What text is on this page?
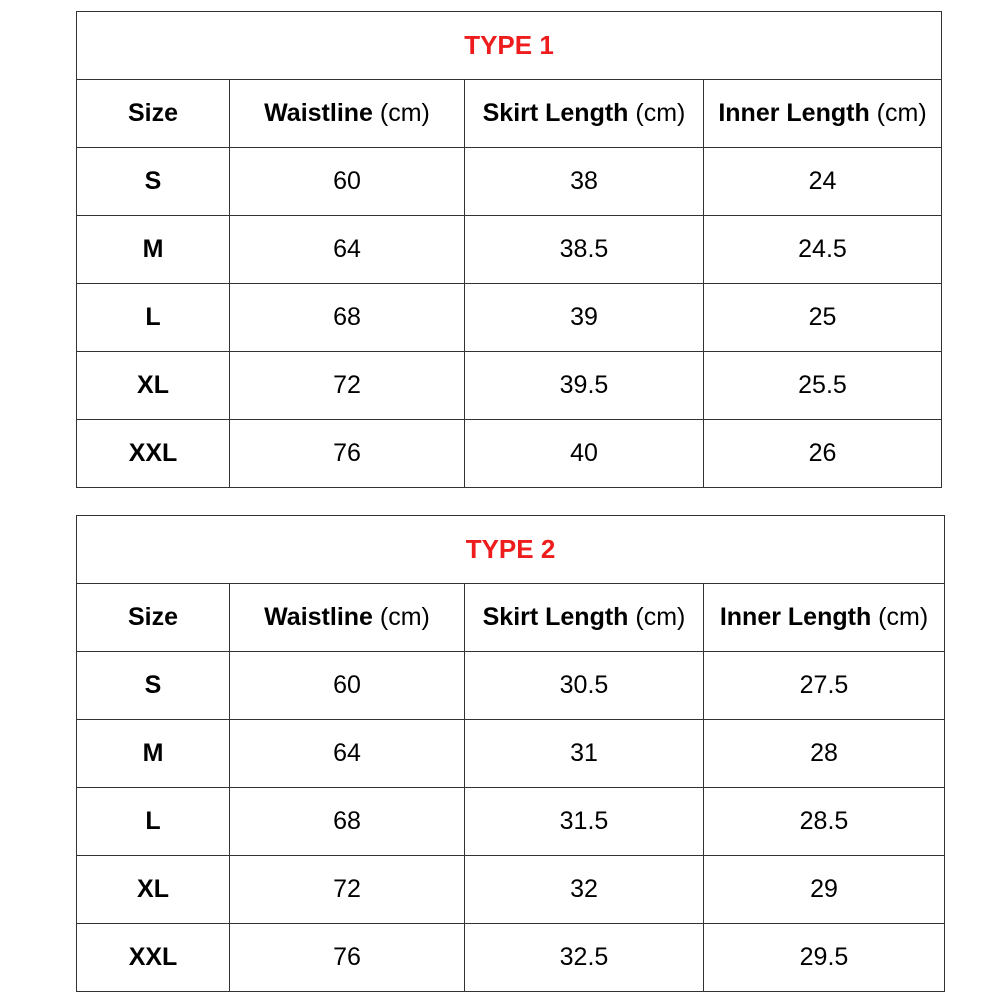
TYPE 1			
Size	Waistline (cm)	Skirt Length (cm)	Inner Length (cm)
S	60	38	24
M	64	38.5	24.5
L	68	39	25
XL	72	39.5	25.5
XXL	76	40	26
TYPE 2			
Size	Waistline (cm)	Skirt Length (cm)	Inner Length (cm)
S	60	30.5	27.5
M	64	31	28
L	68	31.5	28.5
XL	72	32	29
XXL	76	32.5	29.5
